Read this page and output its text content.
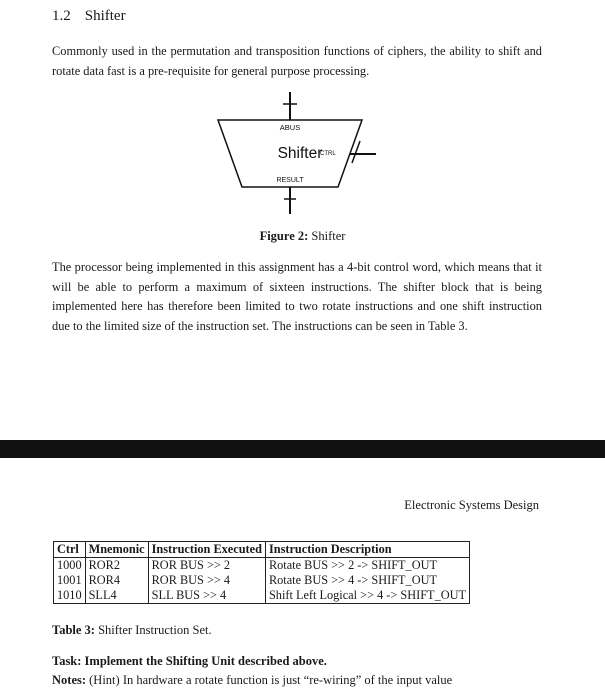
1.2 Shifter

Commonly used in the permutation and transposition functions of ciphers, the ability to shift and rotate data fast is a pre-requisite for general purpose processing.

ABUS
Shifter
CTRL
RESULT
Figure 2: Shifter

The processor being implemented in this assignment has a 4-bit control word, which means that it will be able to perform a maximum of sixteen instructions. The shifter block that is being implemented here has therefore been limited to two rotate instructions and one shift instruction due to the limited size of the instruction set. The instructions can be seen in Table 3.

Electronic Systems Design
Ctrl	Mnemonic	Instruction Executed	Instruction Description
1000	ROR2	ROR BUS >> 2	Rotate BUS >> 2 -> SHIFT_OUT
1001	ROR4	ROR BUS >> 4	Rotate BUS >> 4 -> SHIFT_OUT
1010	SLL4	SLL BUS >> 4	Shift Left Logical >> 4 -> SHIFT_OUT
Table 3: Shifter Instruction Set.
Task: Implement the Shifting Unit described above.
Notes: (Hint) In hardware a rotate function is just “re-wiring” of the input value
